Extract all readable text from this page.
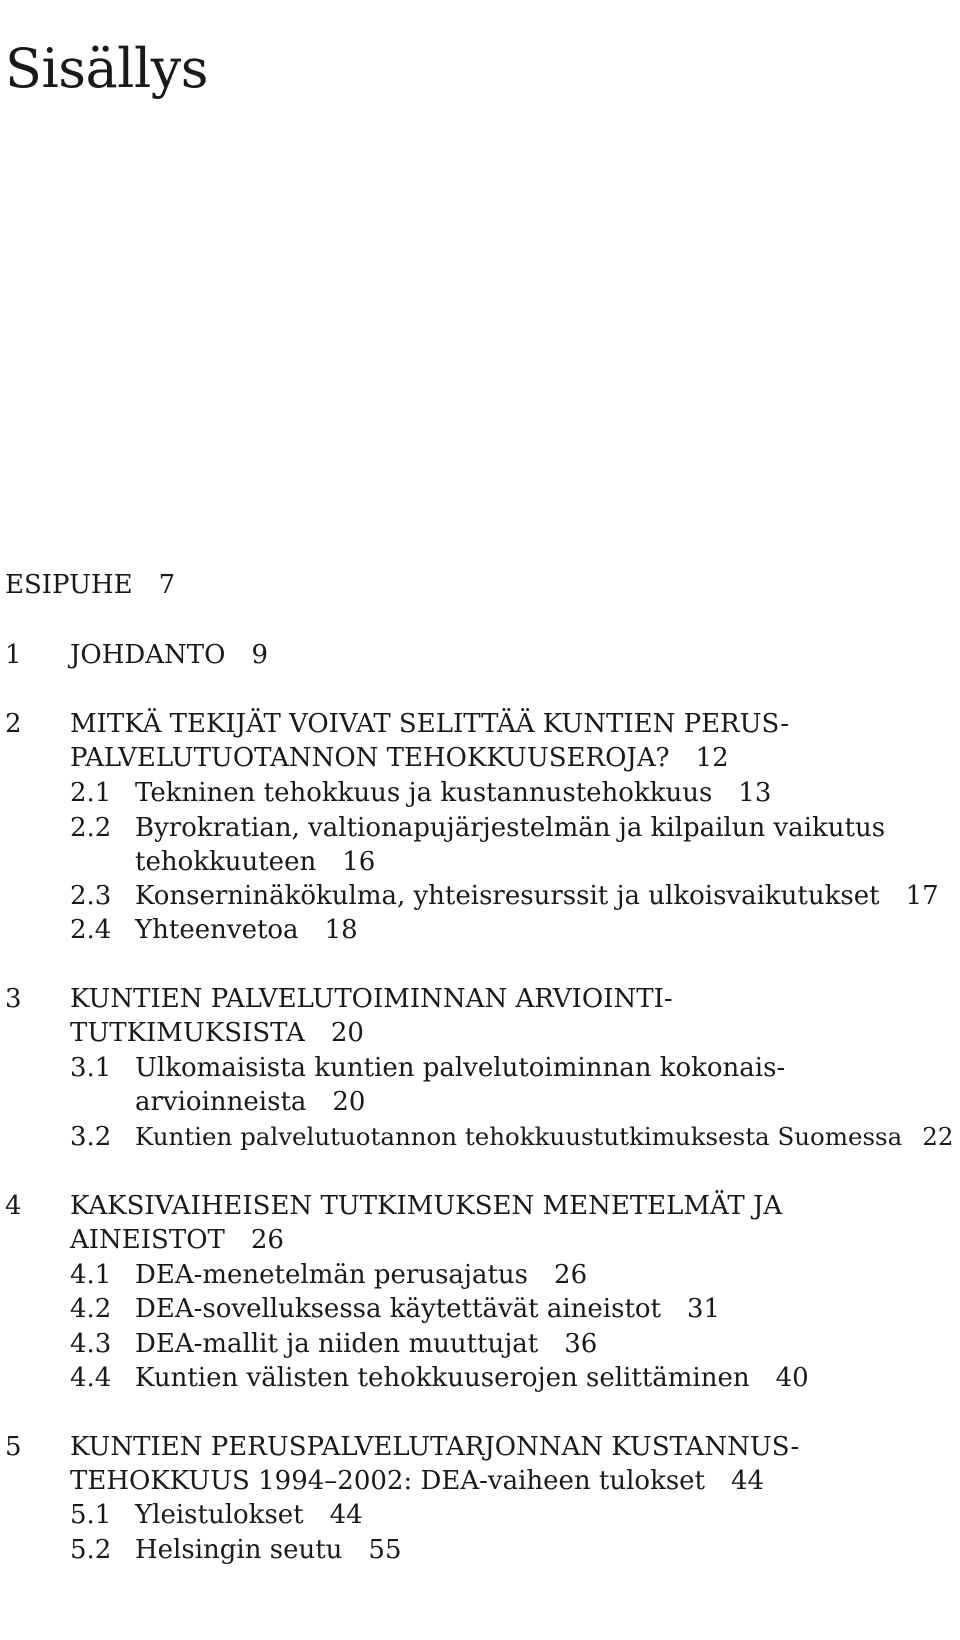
Sisällys
ESIPUHE 7
1 JOHDANTO 9
2 MITKÄ TEKIJÄT VOIVAT SELITTÄÄ KUNTIEN PERUS-
PALVELUTUOTANNON TEHOKKUUSEROJA? 12
2.1 Tekninen tehokkuus ja kustannustehokkuus 13
2.2 Byrokratian, valtionapujärjestelmän ja kilpailun vaikutus
tehokkuuteen 16
2.3 Konserninäkökulma, yhteisresurssit ja ulkoisvaikutukset 17
2.4 Yhteenvetoa 18
3 KUNTIEN PALVELUTOIMINNAN ARVIOINTI-
TUTKIMUKSISTA 20
3.1 Ulkomaisista kuntien palvelutoiminnan kokonais-
arvioinneista 20
3.2 Kuntien palvelutuotannon tehokkuustutkimuksesta Suomessa 22
4 KAKSIVAIHEISEN TUTKIMUKSEN MENETELMÄT JA
AINEISTOT 26
4.1 DEA-menetelmän perusajatus 26
4.2 DEA-sovelluksessa käytettävät aineistot 31
4.3 DEA-mallit ja niiden muuttujat 36
4.4 Kuntien välisten tehokkuuserojen selittäminen 40
5 KUNTIEN PERUSPALVELUTARJONNAN KUSTANNUS-
TEHOKKUUS 1994–2002: DEA-vaiheen tulokset 44
5.1 Yleistulokset 44
5.2 Helsingin seutu 55
